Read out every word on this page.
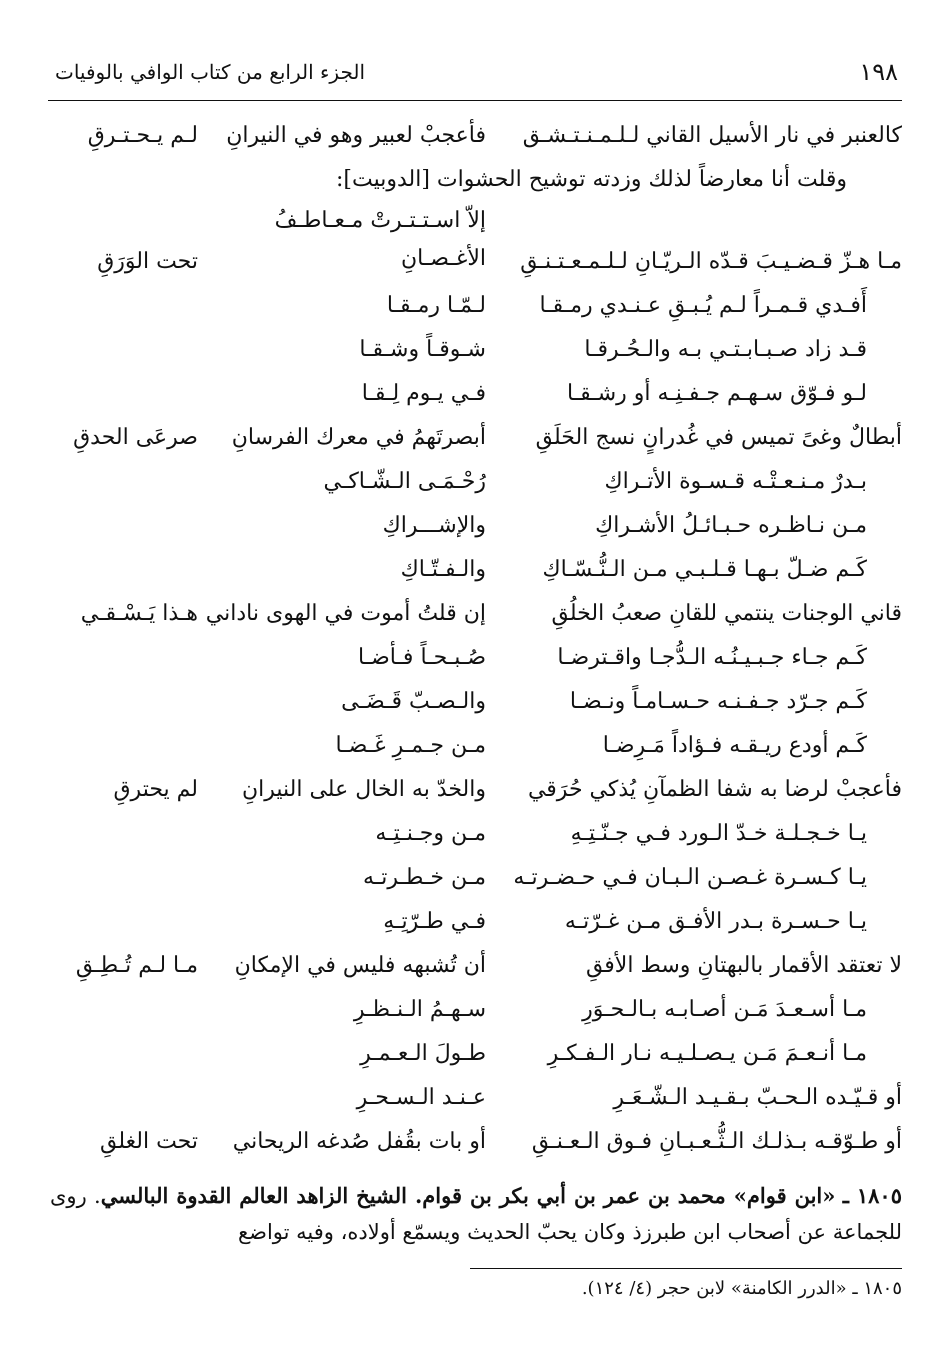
١٩٨
الجزء الرابع من كتاب الوافي بالوفيات
كالعنبر في نار الأسيل القاني لـلـمـنـتـشـق
فأعجبْ لعبير وهو في النيرانِ
لـم يـحـتـرقِ
وقلت أنا معارضاً لذلك وزدته توشيح الحشوات [الدوبيت]:
مـا هـزّ قـضـيـبَ قـدّه الـريّـانِ لـلـمـعـتـنـقِ
إلاّ اسـتـتـرتْ مـعـاطـفُ الأغـصـانِ
تحت الوَرَقِ
أَفـدي قـمـراً لـم يُـبـقِ عـنـدي رمـقـا
لـمّـا رمـقـا
قـد زاد صـبـابـتـي بـه والـحُـرقـا
شـوقـاً وشـقـا
لـو فـوّق سـهـم جـفـنِـه أو رشـقـا
فـي يـوم لِـقـا
أبطالٌ وغىً تميس في غُدرانٍ نسج الحَلَقِ
أبصرتَهمُ في معرك الفرسانِ
صرعَى الحدقِ
بـدرٌ مـنـعـتْـه قـسـوة الأتـراكِ
رُحْـمَـى الـشّـاكـي
مـن نـاظـره حـبـائـلُ الأشـراكِ
والإشـــراكِ
كَـم ضـلّ بـهـا قـلـبـي مـن الـنُّـسّـاكِ
والـفـتّـاكِ
قاني الوجنات ينتمي للقانِ صعبُ الخلُقِ
إن قلتُ أموت في الهوى ناداني
هـذا يَـسْـقـي
كَـم جـاء جـبـيـنُـه الـدُّجـا واقـترضـا
صُـبـحـاً فـأضـا
كَـم جـرّد جـفـنـه حـسـامـاً ونـضـا
والـصـبّ قَـضَـى
كَـم أودع ريـقـه فـؤاداً مَـرِضـا
مـن جـمـرِ غَـضـا
فأعجبْ لرضا به شفا الظمآنِ يُذكي حُرَقي
والخدّ به الخال على النيرانِ
لم يحترقِ
يـا خـجـلـة خـدّ الـورد فـي جـنّـتِـهِ
مـن وجـنـتِـه
يـا كـسـرة غـصـن الـبـان فـي حـضـرتـه
مـن خـطـرتـه
يـا حـسـرة بـدر الأفـق مـن غـرّتـه
فـي طـرّتِـهِ
لا تعتقد الأقمار بالبهتانِ وسط الأفقِ
أن تُشبهه فليس في الإمكانِ
مـا لـم تُـطِـقِ
مـا أسـعـدَ مَـن أصـابـه بـالـحـوَرِ
سـهـمُ الـنـظـرِ
مـا أنـعـمَ مَـن يـصـلـيـه نـار الـفـكـرِ
طـولَ الـعـمـرِ
أو قـيّـده الـحـبّ بـقـيـد الـشّـعَـرِ
عـنـد الـسـحـرِ
أو طـوّقـه بـذلـك الـثُّـعـبـانِ فـوق الـعـنـقِ
أو بات بقُفل صُدغه الريحاني
تحت الغلقِ
١٨٠٥ ـ «ابن قوام» محمد بن عمر بن أبي بكر بن قوام. الشيخ الزاهد العالم القدوة البالسي. روى للجماعة عن أصحاب ابن طبرزذ وكان يحبّ الحديث ويسمّع أولاده، وفيه تواضع
١٨٠٥ ـ «الدرر الكامنة» لابن حجر (٤/ ١٢٤).
